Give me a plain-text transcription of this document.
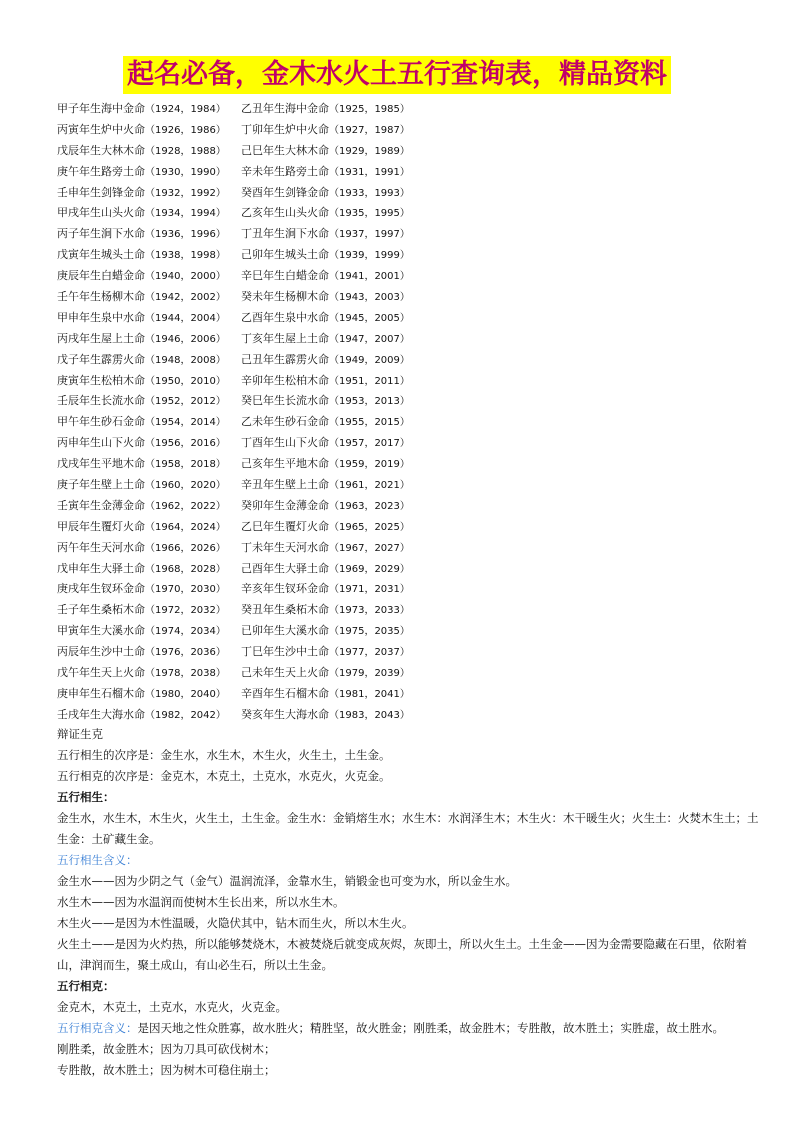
起名必备，金木水火土五行查询表，精品资料
甲子年生海中金命（1924，1984） 乙丑年生海中金命（1925，1985）
丙寅年生炉中火命（1926，1986） 丁卯年生炉中火命（1927，1987）
戊辰年生大林木命（1928，1988） 己巳年生大林木命（1929，1989）
庚午年生路旁土命（1930，1990） 辛未年生路旁土命（1931，1991）
壬申年生剑锋金命（1932，1992） 癸酉年生剑锋金命（1933，1993）
甲戌年生山头火命（1934，1994） 乙亥年生山头火命（1935，1995）
丙子年生涧下水命（1936，1996） 丁丑年生涧下水命（1937，1997）
戊寅年生城头土命（1938，1998） 己卯年生城头土命（1939，1999）
庚辰年生白蜡金命（1940，2000） 辛巳年生白蜡金命（1941，2001）
壬午年生杨柳木命（1942，2002） 癸未年生杨柳木命（1943，2003）
甲申年生泉中水命（1944，2004） 乙酉年生泉中水命（1945，2005）
丙戌年生屋上土命（1946，2006） 丁亥年生屋上土命（1947，2007）
戊子年生霹雳火命（1948，2008） 己丑年生霹雳火命（1949，2009）
庚寅年生松柏木命（1950，2010） 辛卯年生松柏木命（1951，2011）
壬辰年生长流水命（1952，2012） 癸巳年生长流水命（1953，2013）
甲午年生砂石金命（1954，2014） 乙未年生砂石金命（1955，2015）
丙申年生山下火命（1956，2016） 丁酉年生山下火命（1957，2017）
戊戌年生平地木命（1958，2018） 己亥年生平地木命（1959，2019）
庚子年生壁上土命（1960，2020） 辛丑年生壁上土命（1961，2021）
壬寅年生金薄金命（1962，2022） 癸卯年生金薄金命（1963，2023）
甲辰年生覆灯火命（1964，2024） 乙巳年生覆灯火命（1965，2025）
丙午年生天河水命（1966，2026） 丁未年生天河水命（1967，2027）
戊申年生大驿土命（1968，2028） 己酉年生大驿土命（1969，2029）
庚戌年生钗环金命（1970，2030） 辛亥年生钗环金命（1971，2031）
壬子年生桑柘木命（1972，2032） 癸丑年生桑柘木命（1973，2033）
甲寅年生大溪水命（1974，2034） 已卯年生大溪水命（1975，2035）
丙辰年生沙中土命（1976，2036） 丁巳年生沙中土命（1977，2037）
戊午年生天上火命（1978，2038） 己未年生天上火命（1979，2039）
庚申年生石榴木命（1980，2040） 辛酉年生石榴木命（1981，2041）
壬戌年生大海水命（1982，2042） 癸亥年生大海水命（1983，2043）
辩证生克
五行相生的次序是：金生水，水生木，木生火，火生土，土生金。
五行相克的次序是：金克木，木克土，土克水，水克火，火克金。
五行相生：
金生水，水生木，木生火，火生土，土生金。金生水：金销熔生水；水生木：水润泽生木；木生火：木干暖生火；火生土：火焚木生土；土生金：土矿藏生金。
五行相生含义：
金生水——因为少阴之气（金气）温润流泽，金靠水生，销锻金也可变为水，所以金生水。
水生木——因为水温润而使树木生长出来，所以水生木。
木生火——是因为木性温暖，火隐伏其中，钻木而生火，所以木生火。
火生土——是因为火灼热，所以能够焚烧木，木被焚烧后就变成灰烬，灰即土，所以火生土。土生金——因为金需要隐藏在石里，依附着山，津润而生，聚土成山，有山必生石，所以土生金。
五行相克：
金克木，木克土，土克水，水克火，火克金。
五行相克含义：是因天地之性众胜寡，故水胜火；精胜坚，故火胜金；刚胜柔，故金胜木；专胜散，故木胜土；实胜虚，故土胜水。
刚胜柔，故金胜木；因为刀具可砍伐树木；
专胜散，故木胜土；因为树木可稳住崩土；
